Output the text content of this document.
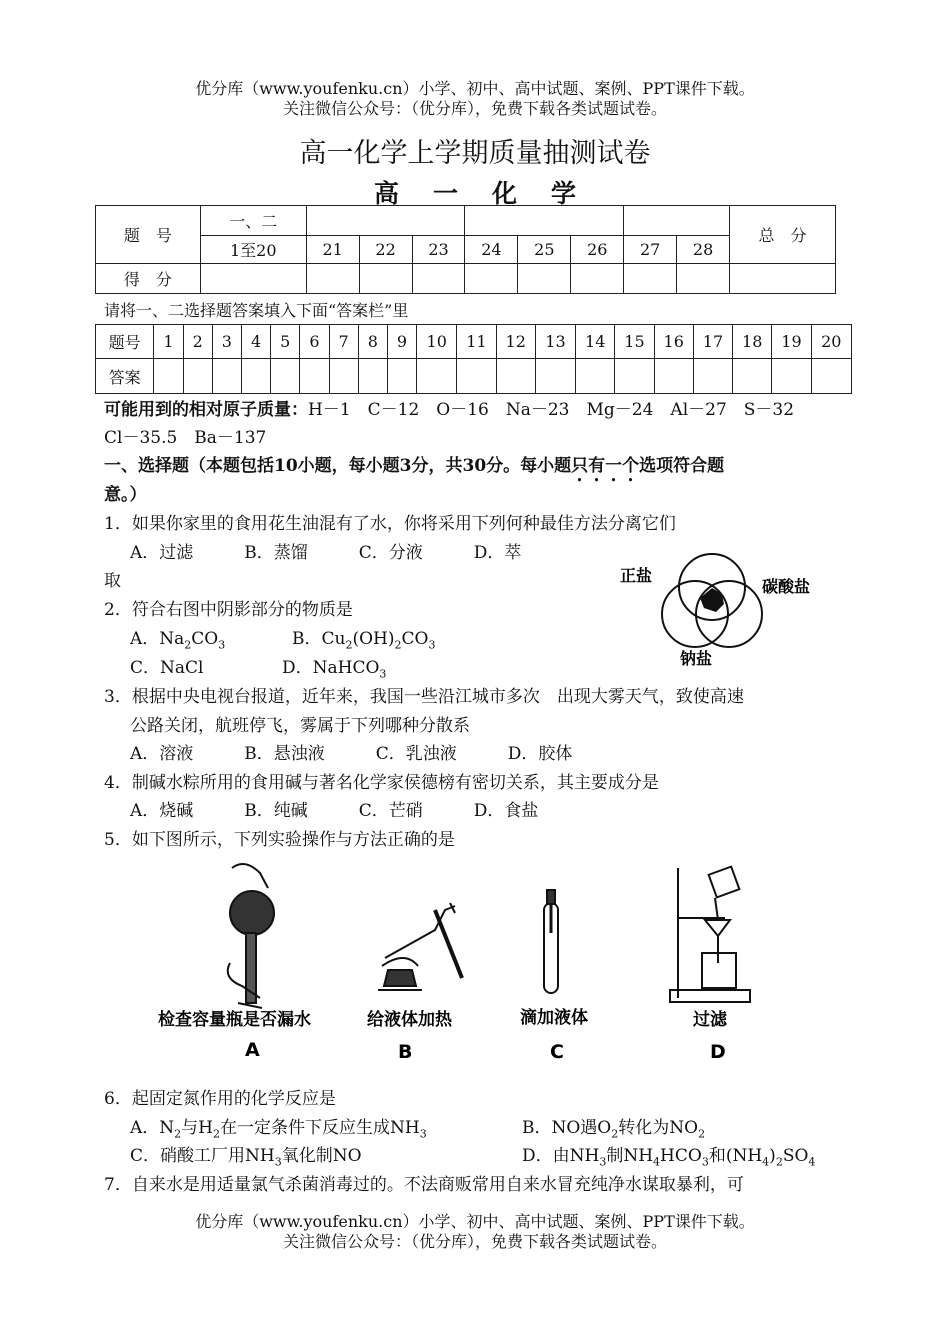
优分库（www.youfenku.cn）小学、初中、高中试题、案例、PPT课件下载。
关注微信公众号：（优分库），免费下载各类试题试卷。
高一化学上学期质量抽测试卷
高一化学
题　号	一、二									总　分
	1至20	21	22	23	24	25	26	27	28	
得　分										
请将一、二选择题答案填入下面“答案栏”里
题号	1	2	3	4	5	6	7	8	9	10	11	12	13	14	15	16	17	18	19	20
答案																				
可能用到的相对原子质量：H－1　C－12　O－16　Na－23　Mg－24　Al－27　S－32
Cl－35.5　Ba－137
一、选择题（本题包括10小题，每小题3分，共30分。每小题只有一个选项符合题
意。）
1．如果你家里的食用花生油混有了水，你将采用下列何种最佳方法分离它们
A．过滤　　　B．蒸馏　　　C．分液　　　D．萃
取	正盐
碳酸盐
钠盐
2．符合右图中阴影部分的物质是
A．$Na_2CO_3$	B．$Cu_2(OH)_2CO_3$
C．NaCl	D．NaHCO$_3$
3．根据中央电视台报道，近年来，我国一些沿江城市多次　出现大雾天气，致使高速
公路关闭，航班停飞，雾属于下列哪种分散系
A．溶液　　　B．悬浊液　　　C．乳浊液　　　D．胶体
4．制碱水粽所用的食用碱与著名化学家侯德榜有密切关系，其主要成分是
A．烧碱　　　B．纯碱　　　C．芒硝　　　D．食盐
5．如下图所示，下列实验操作与方法正确的是
检查容量瓶是否漏水	给液体加热	滴加液体	过滤
A	B	C	D
6．起固定氮作用的化学反应是
A．$N_2$与$H_2$在一定条件下反应生成$NH_3$	B．NO遇$O_2$转化为$NO_2$
C．硝酸工厂用$NH_3$氧化制NO	D．由$NH_3$制$NH_4HCO_3$和$(NH_4)_2SO_4$
7．自来水是用适量氯气杀菌消毒过的。不法商贩常用自来水冒充纯净水谋取暴利，可
优分库（www.youfenku.cn）小学、初中、高中试题、案例、PPT课件下载。
关注微信公众号：（优分库），免费下载各类试题试卷。
